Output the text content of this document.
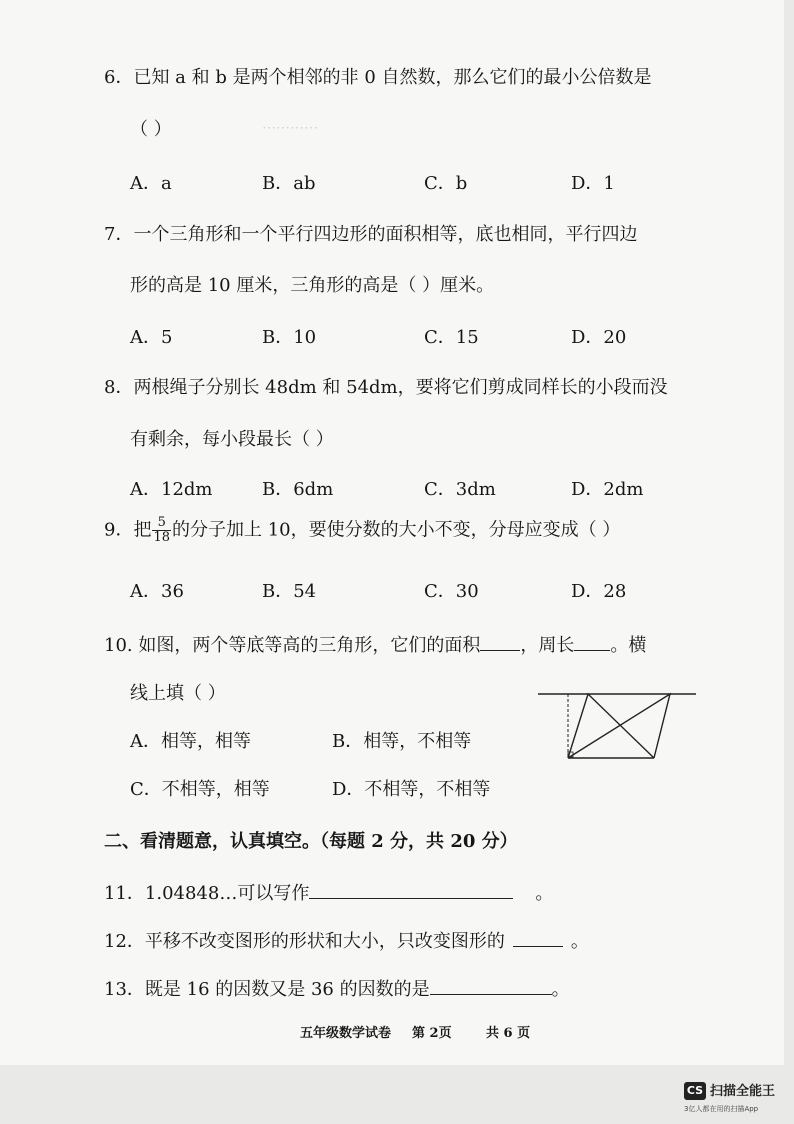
⋯⋯⋯⋯
6．已知 a 和 b 是两个相邻的非 0 自然数，那么它们的最小公倍数是
（ ）
A．a	B．ab	C．b	D．1
7．一个三角形和一个平行四边形的面积相等，底也相同，平行四边
形的高是 10 厘米，三角形的高是（ ）厘米。
A．5	B．10	C．15	D．20
8．两根绳子分别长 48dm 和 54dm，要将它们剪成同样长的小段而没
有剩余，每小段最长（ ）
A．12dm	B．6dm	C．3dm	D．2dm
9．把 $\frac{5}{18}$ 的分子加上 10，要使分数的大小不变，分母应变成（ ）
A．36	B．54	C．30	D．28
10. 如图，两个等底等高的三角形，它们的面积 ，周长 。横
线上填（ ）
A．相等，相等	B．相等，不相等
C．不相等，相等	D．不相等，不相等
二、看清题意，认真填空。（每题 2 分，共 20 分）
11．1.04848…可以写作	。
12．平移不改变图形的形状和大小，只改变图形的	。
13．既是 16 的因数又是 36 的因数的是	。
五年级数学试卷 第 2页	共 6 页
CS 扫描全能王
3亿人都在用的扫描App
